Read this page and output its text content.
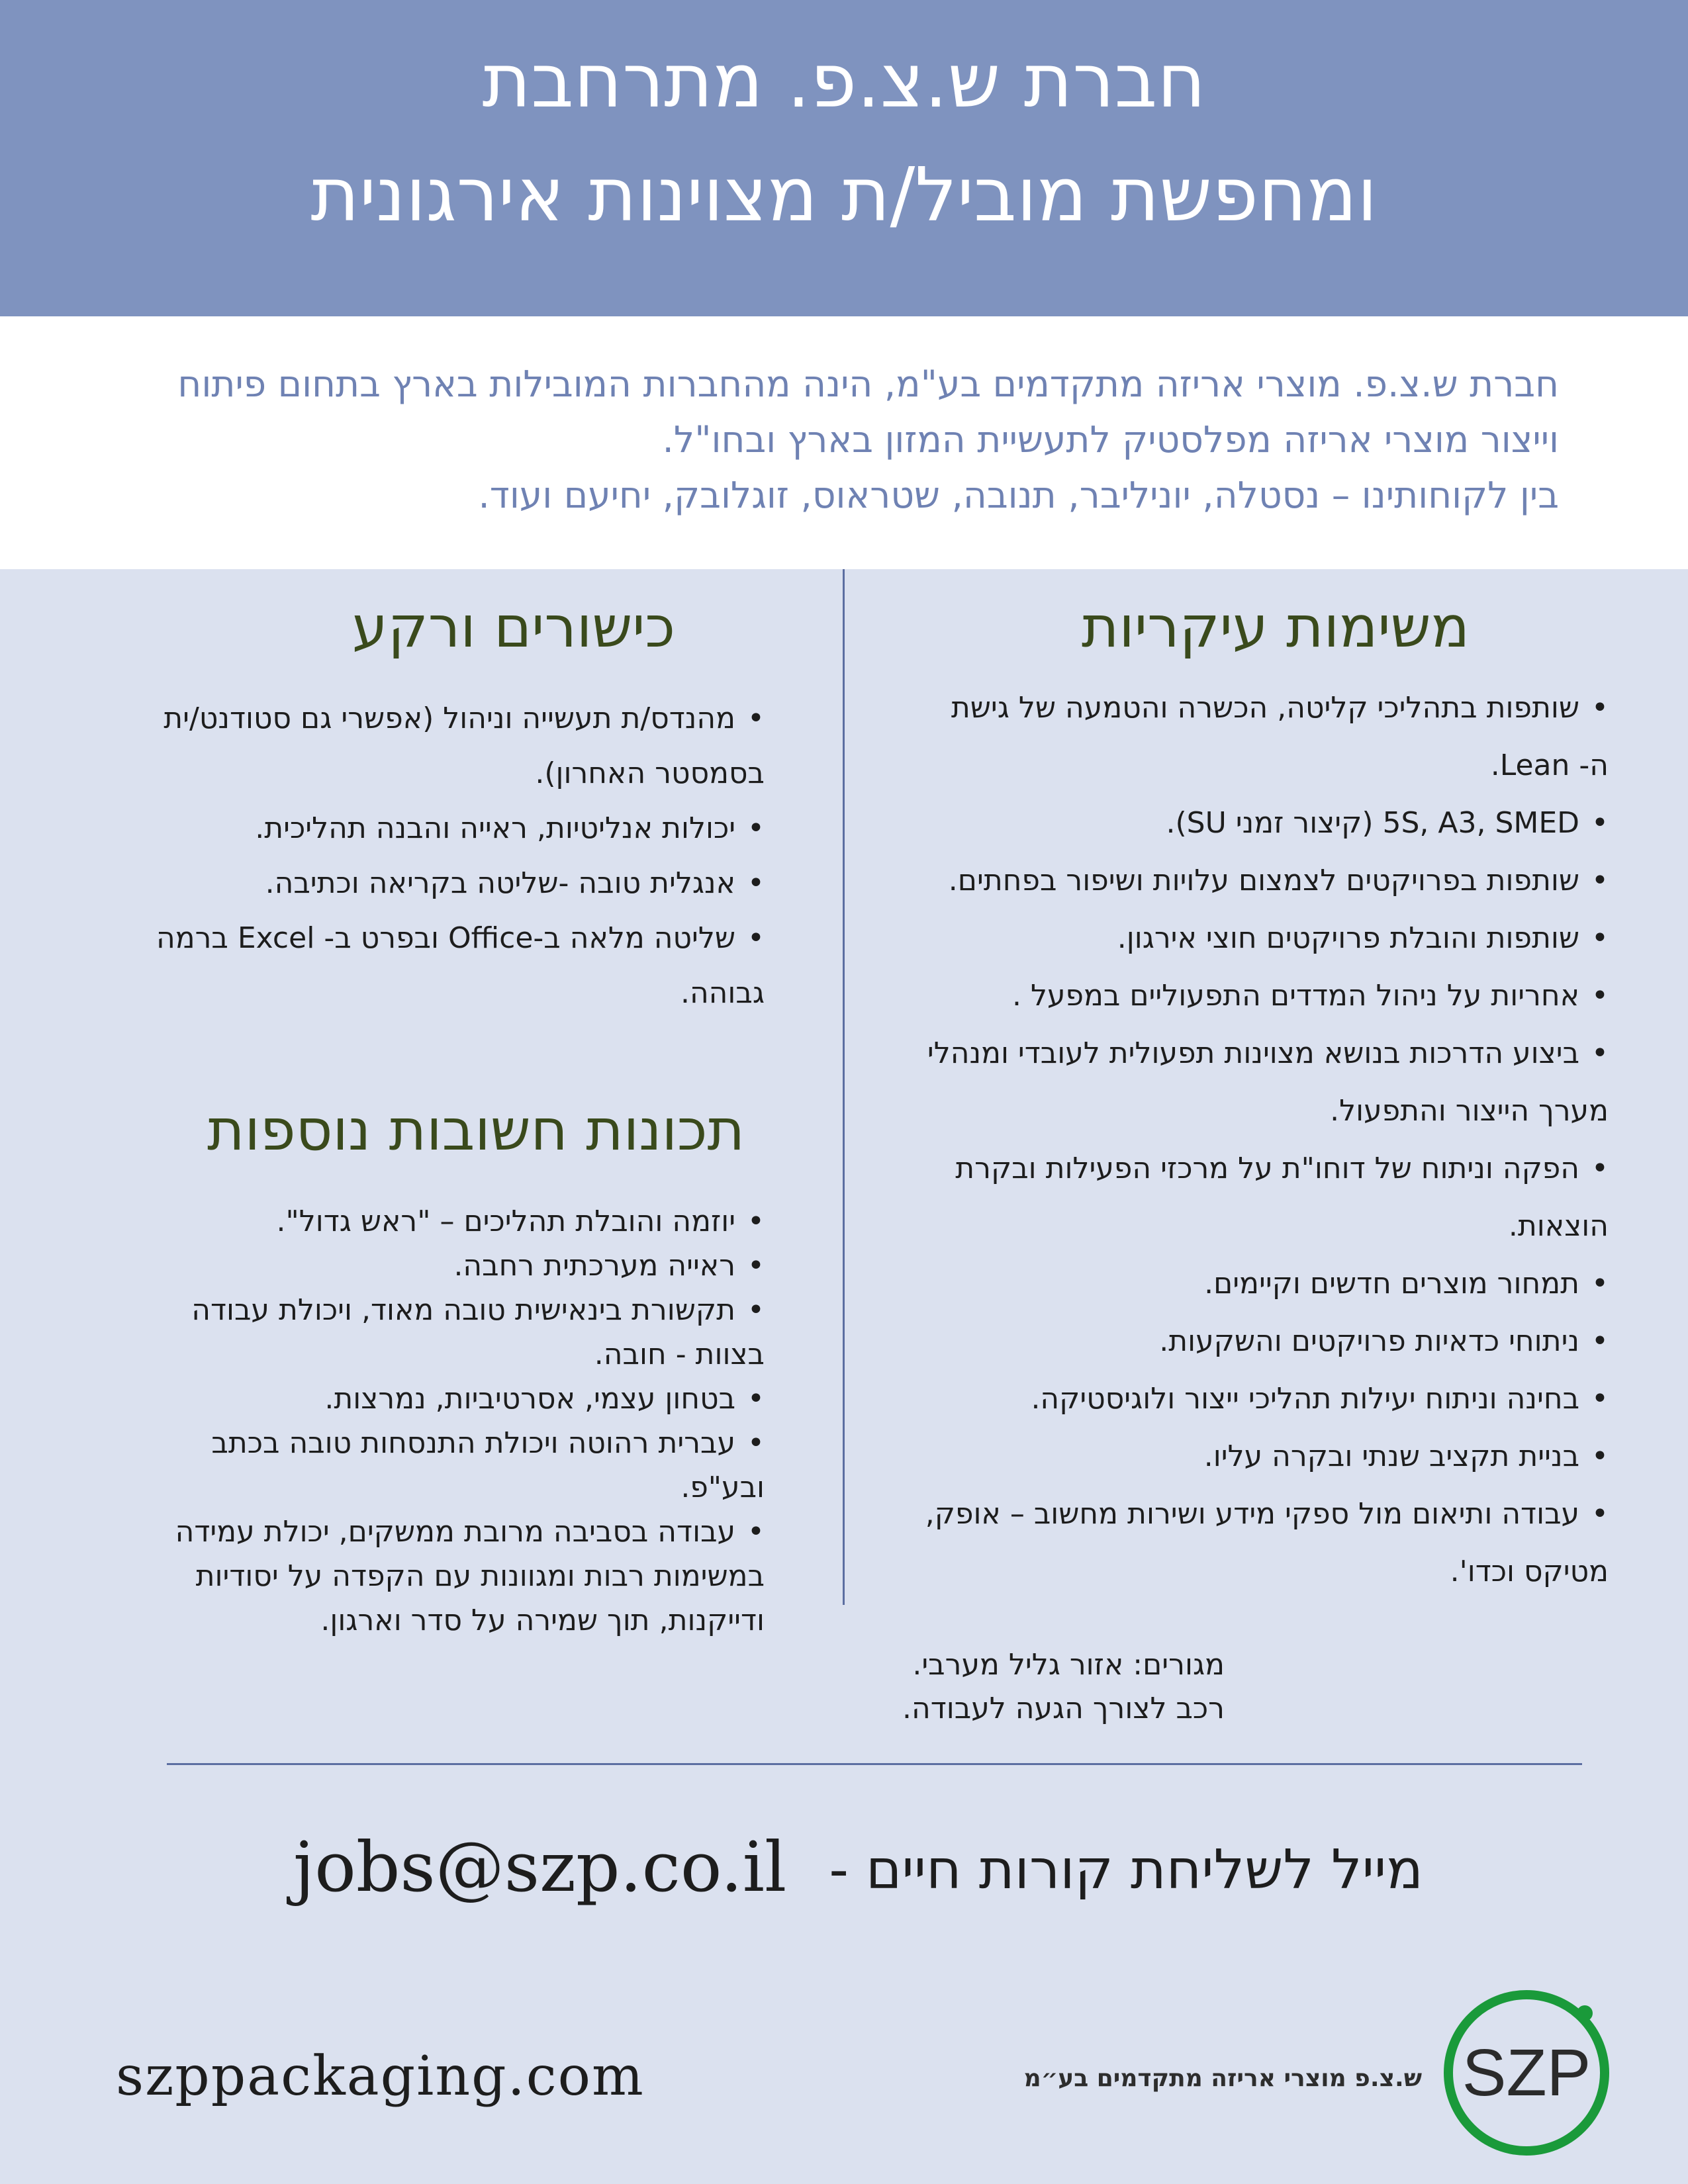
חברת ש.צ.פ. מתרחבת
ומחפשת מוביל/ת מצוינות אירגונית
חברת ש.צ.פ. מוצרי אריזה מתקדמים בע"מ, הינה מהחברות המובילות בארץ בתחום פיתוח
וייצור מוצרי אריזה מפלסטיק לתעשיית המזון בארץ ובחו"ל.
בין לקוחותינו – נסטלה, יוניליבר, תנובה, שטראוס, זוגלובק, יחיעם ועוד.
משימות עיקריות
•שותפות בתהליכי קליטה, הכשרה והטמעה של גישת
ה- Lean.
•5S, A3, SMED (קיצור זמני SU).
•שותפות בפרויקטים לצמצום עלויות ושיפור בפחתים.
•שותפות והובלת פרויקטים חוצי אירגון.
•אחריות על ניהול המדדים התפעוליים במפעל .
•ביצוע הדרכות בנושא מצוינות תפעולית לעובדי ומנהלי
מערך הייצור והתפעול.
•הפקה וניתוח של דוחו"ת על מרכזי הפעילות ובקרת
הוצאות.
•תמחור מוצרים חדשים וקיימים.
•ניתוחי כדאיות פרויקטים והשקעות.
•בחינה וניתוח יעילות תהליכי ייצור ולוגיסטיקה.
•בניית תקציב שנתי ובקרה עליו.
•עבודה ותיאום מול ספקי מידע ושירות מחשוב – אופק,
מטיקס וכדו'.
כישורים ורקע
•מהנדס/ת תעשייה וניהול (אפשרי גם סטודנט/ית
בסמסטר האחרון).
•יכולות אנליטיות, ראייה והבנה תהליכית.
•אנגלית טובה -שליטה בקריאה וכתיבה.
•שליטה מלאה ב-Office ובפרט ב- Excel ברמה
גבוהה.
תכונות חשובות נוספות
•יוזמה והובלת תהליכים – "ראש גדול".
•ראייה מערכתית רחבה.
•תקשורת בינאישית טובה מאוד, ויכולת עבודה
בצוות - חובה.
•בטחון עצמי, אסרטיביות, נמרצות.
•עברית רהוטה ויכולת התנסחות טובה בכתב
ובע"פ.
•עבודה בסביבה מרובת ממשקים, יכולת עמידה
במשימות רבות ומגוונות עם הקפדה על יסודיות
ודייקנות, תוך שמירה על סדר וארגון.
מגורים: אזור גליל מערבי.
רכב לצורך הגעה לעבודה.
מייל לשליחת קורות חיים -
jobs@szp.co.il
szppackaging.com	ש.צ.פ מוצרי אריזה מתקדמים בע״מ SZP
